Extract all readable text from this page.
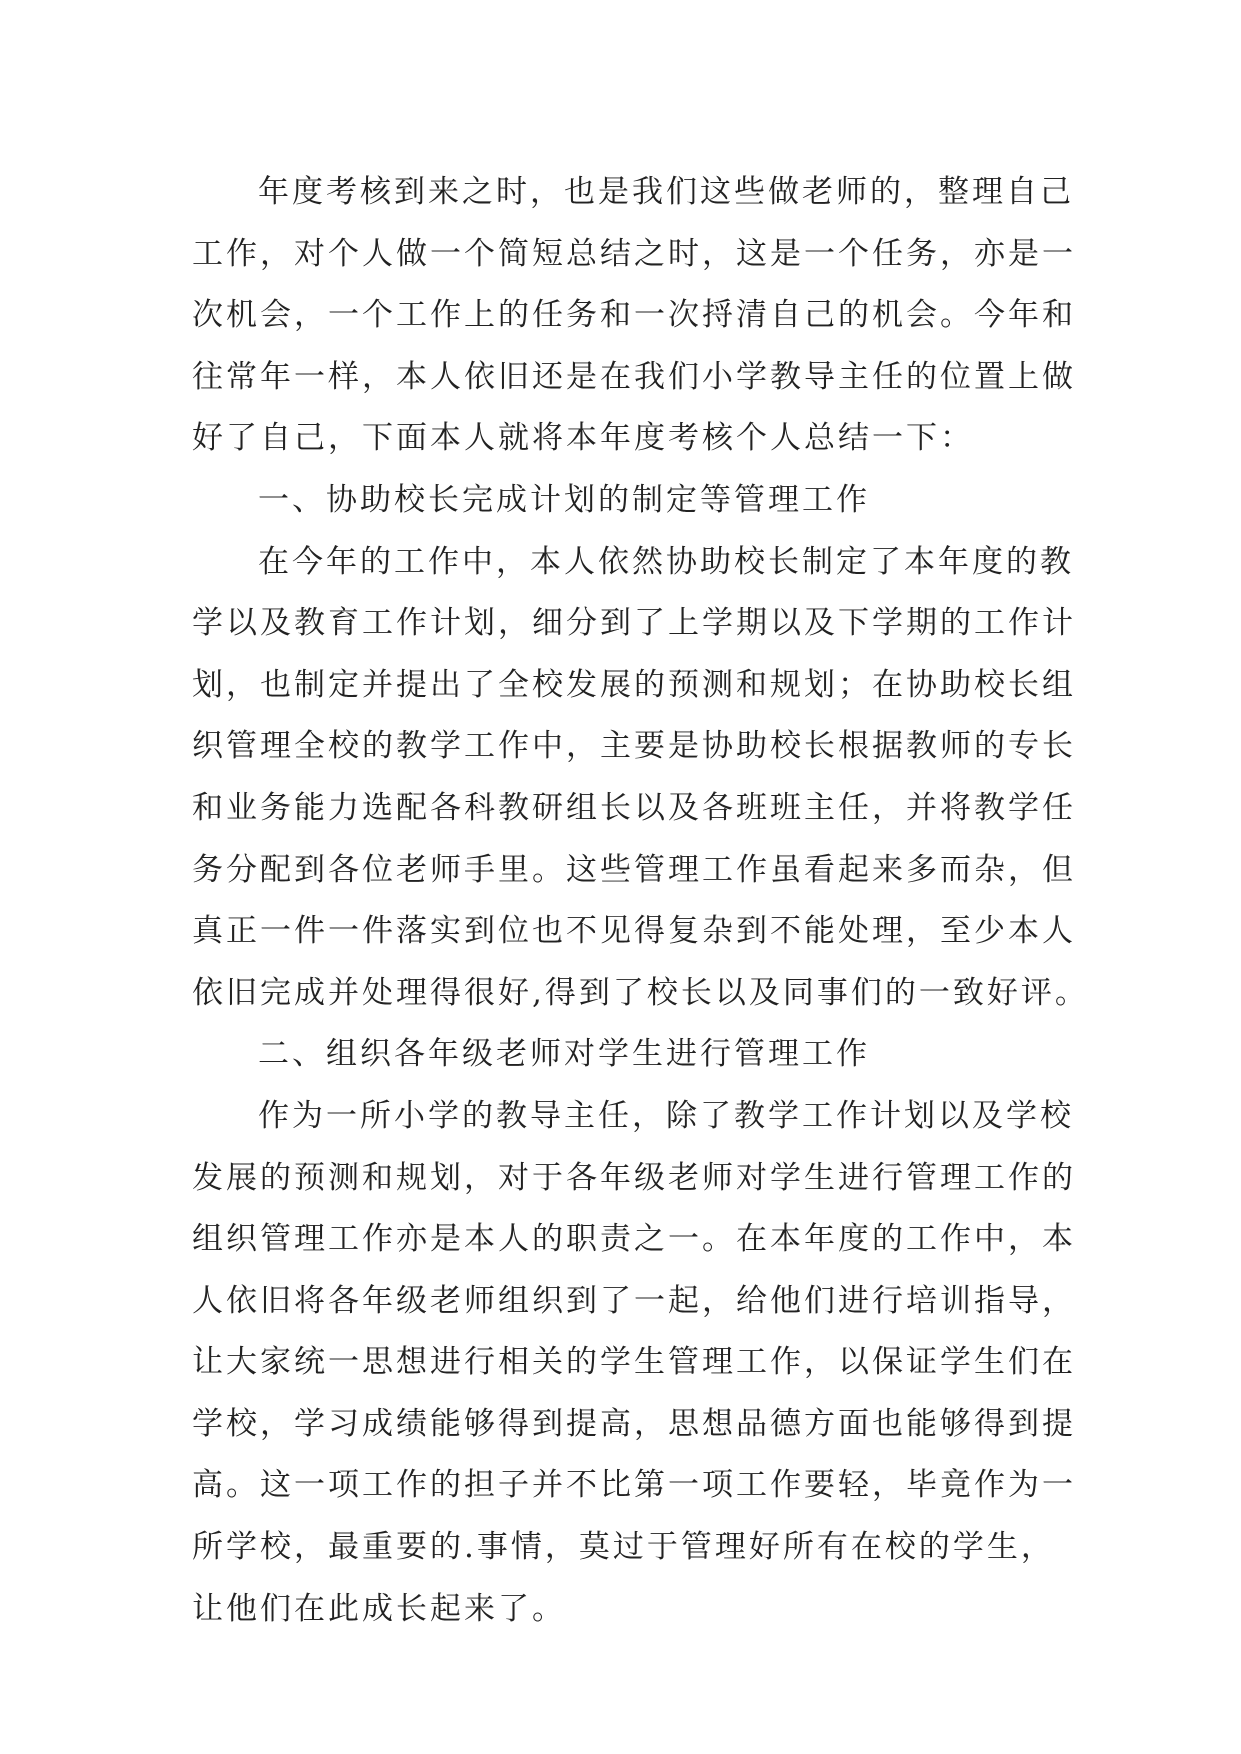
年度考核到来之时，也是我们这些做老师的，整理自己
工作，对个人做一个简短总结之时，这是一个任务，亦是一
次机会，一个工作上的任务和一次捋清自己的机会。今年和
往常年一样，本人依旧还是在我们小学教导主任的位置上做
好了自己，下面本人就将本年度考核个人总结一下：
一、协助校长完成计划的制定等管理工作
在今年的工作中，本人依然协助校长制定了本年度的教
学以及教育工作计划，细分到了上学期以及下学期的工作计
划，也制定并提出了全校发展的预测和规划；在协助校长组
织管理全校的教学工作中，主要是协助校长根据教师的专长
和业务能力选配各科教研组长以及各班班主任，并将教学任
务分配到各位老师手里。这些管理工作虽看起来多而杂，但
真正一件一件落实到位也不见得复杂到不能处理，至少本人
依旧完成并处理得很好,得到了校长以及同事们的一致好评。
二、组织各年级老师对学生进行管理工作
作为一所小学的教导主任，除了教学工作计划以及学校
发展的预测和规划，对于各年级老师对学生进行管理工作的
组织管理工作亦是本人的职责之一。在本年度的工作中，本
人依旧将各年级老师组织到了一起，给他们进行培训指导，
让大家统一思想进行相关的学生管理工作，以保证学生们在
学校，学习成绩能够得到提高，思想品德方面也能够得到提
高。这一项工作的担子并不比第一项工作要轻，毕竟作为一
所学校，最重要的.事情，莫过于管理好所有在校的学生，
让他们在此成长起来了。
